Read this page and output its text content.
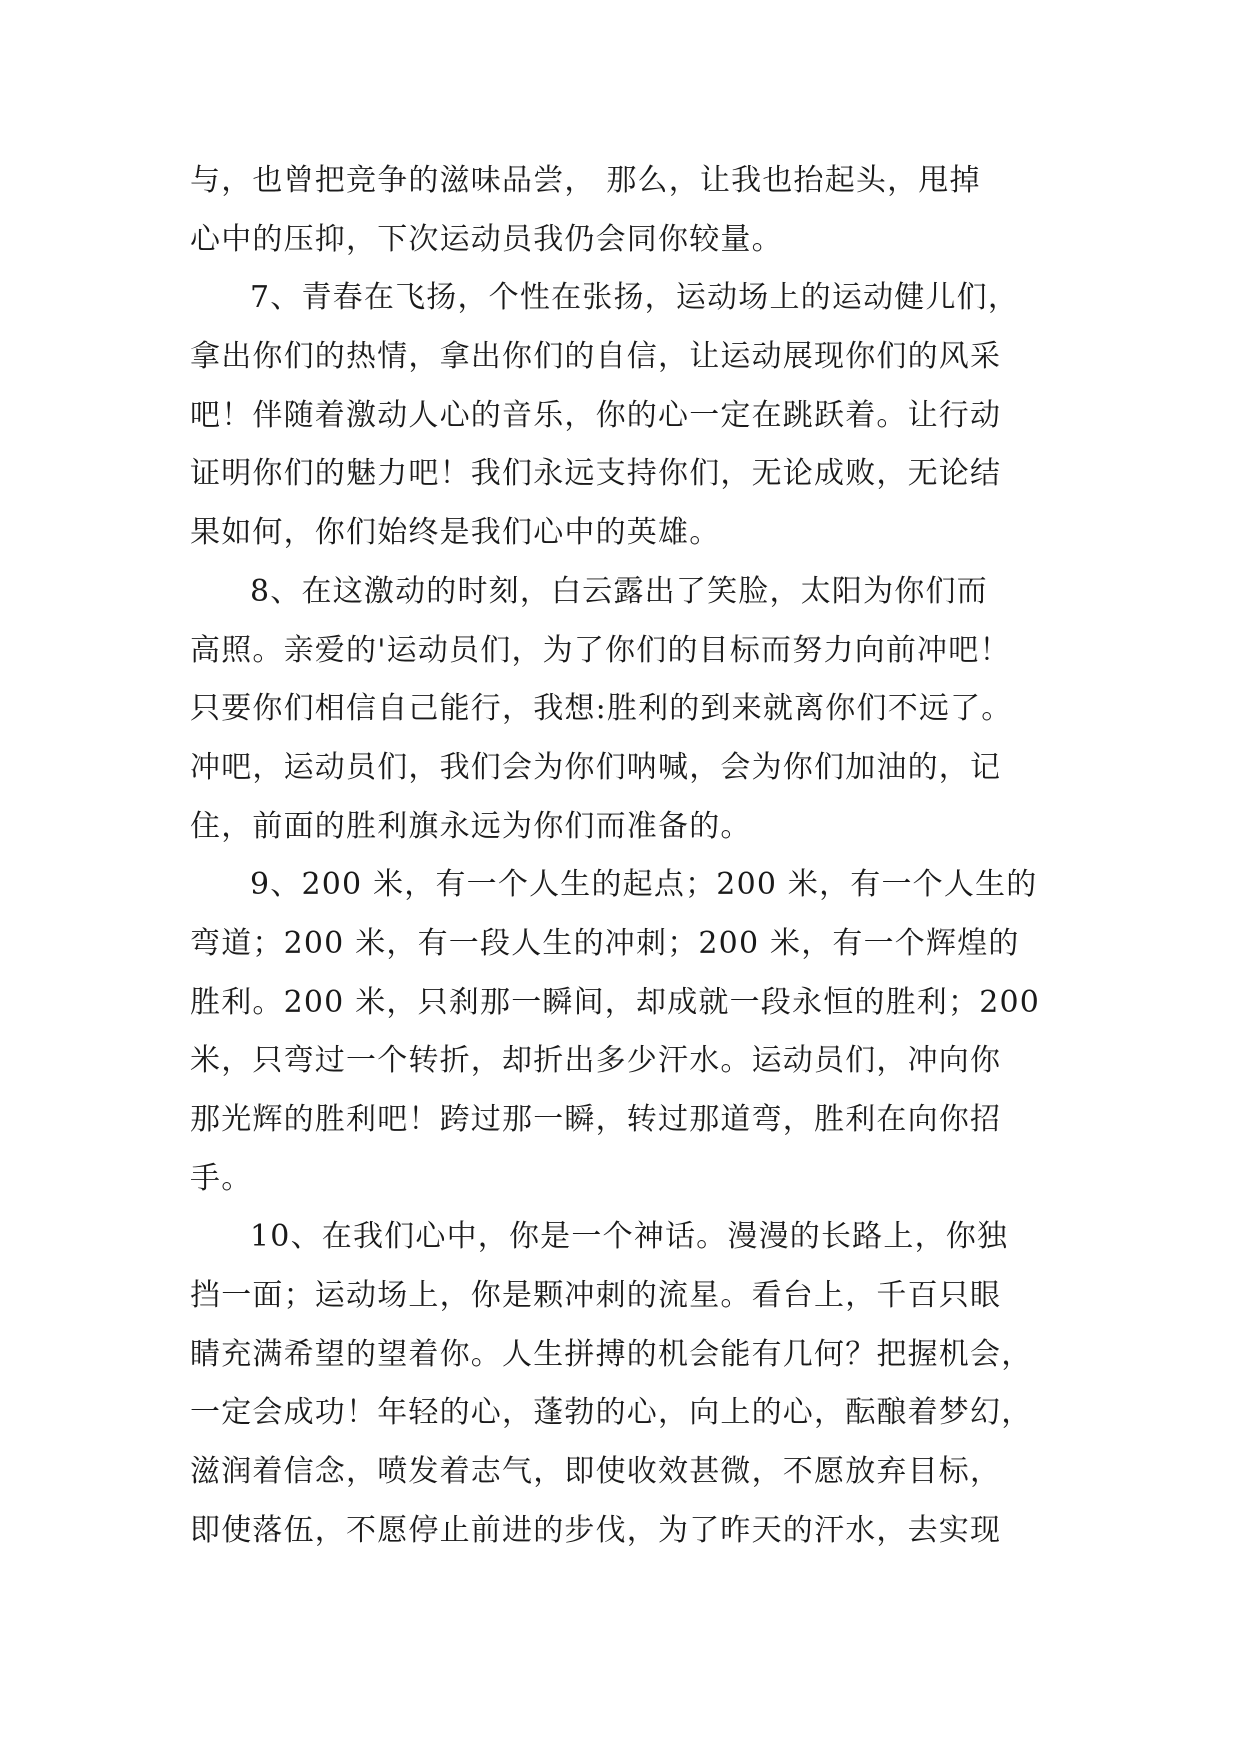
与，也曾把竞争的滋味品尝， 那么，让我也抬起头，甩掉
心中的压抑，下次运动员我仍会同你较量。
7、青春在飞扬，个性在张扬，运动场上的运动健儿们，
拿出你们的热情，拿出你们的自信，让运动展现你们的风采
吧！伴随着激动人心的音乐，你的心一定在跳跃着。让行动
证明你们的魅力吧！我们永远支持你们，无论成败，无论结
果如何，你们始终是我们心中的英雄。
8、在这激动的时刻，白云露出了笑脸，太阳为你们而
高照。亲爱的'运动员们，为了你们的目标而努力向前冲吧！
只要你们相信自己能行，我想:胜利的到来就离你们不远了。
冲吧，运动员们，我们会为你们呐喊，会为你们加油的，记
住，前面的胜利旗永远为你们而准备的。
9、200 米，有一个人生的起点；200 米，有一个人生的
弯道；200 米，有一段人生的冲刺；200 米，有一个辉煌的
胜利。200 米，只刹那一瞬间，却成就一段永恒的胜利；200
米，只弯过一个转折，却折出多少汗水。运动员们，冲向你
那光辉的胜利吧！跨过那一瞬，转过那道弯，胜利在向你招
手。
10、在我们心中，你是一个神话。漫漫的长路上，你独
挡一面；运动场上，你是颗冲刺的流星。看台上，千百只眼
睛充满希望的望着你。人生拼搏的机会能有几何？把握机会，
一定会成功！年轻的心，蓬勃的心，向上的心，酝酿着梦幻，
滋润着信念，喷发着志气，即使收效甚微，不愿放弃目标，
即使落伍，不愿停止前进的步伐，为了昨天的汗水，去实现
